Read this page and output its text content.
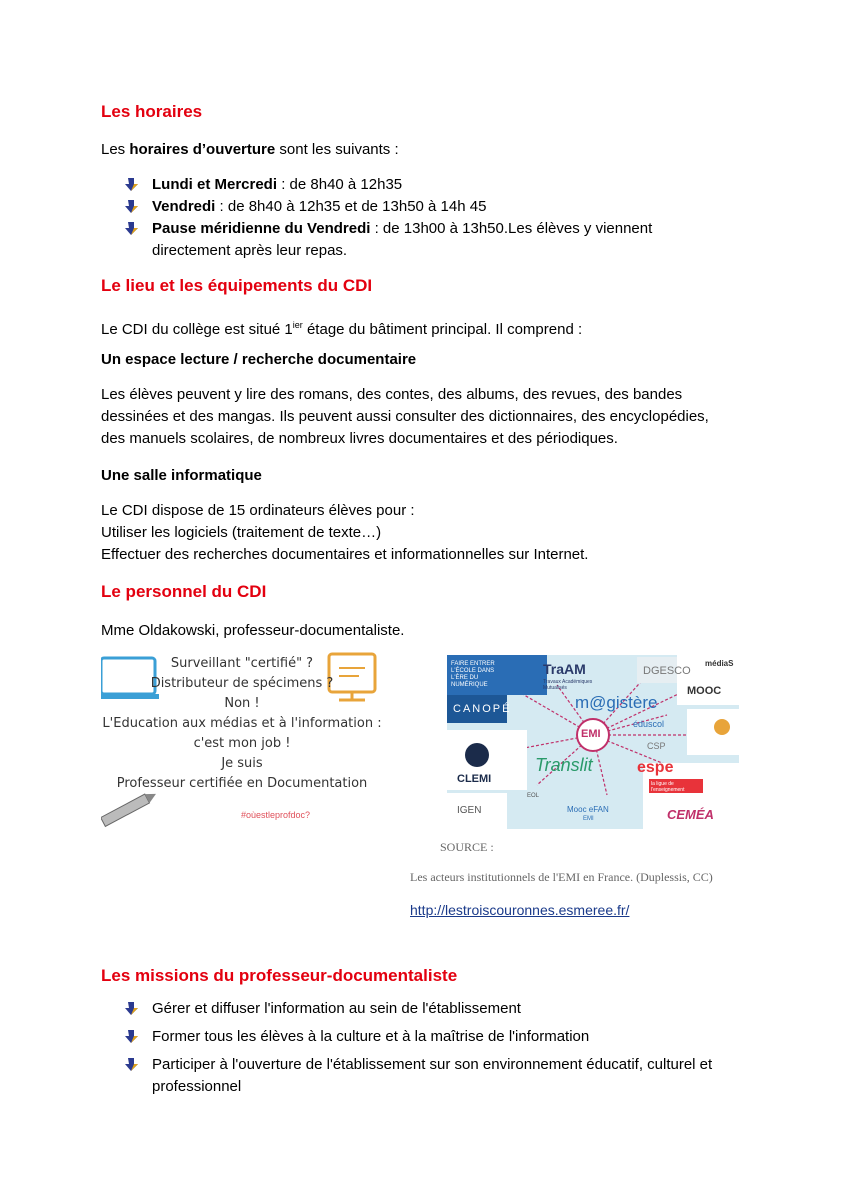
Les horaires
Les horaires d’ouverture sont les suivants :
Lundi et Mercredi : de 8h40 à 12h35
Vendredi : de 8h40 à 12h35 et de 13h50 à 14h 45
Pause méridienne du Vendredi : de 13h00 à 13h50.Les élèves y viennent directement après leur repas.
Le lieu et les équipements du CDI
Le CDI du collège est situé $1^{ier}$ étage du bâtiment principal. Il comprend :
Un espace lecture / recherche documentaire
Les élèves peuvent y lire des romans, des contes, des albums, des revues, des bandes
dessinées et des mangas. Ils peuvent aussi consulter des dictionnaires, des encyclopédies,
des manuels scolaires, de nombreux livres documentaires et des périodiques.
Une salle informatique
Le CDI dispose de 15 ordinateurs élèves pour :
Utiliser les logiciels (traitement de texte…)
Effectuer des recherches documentaires et informationnelles sur Internet.
Le personnel du CDI
Mme Oldakowski, professeur-documentaliste.
Surveillant "certifié" ?
Distributeur de spécimens ?
Non !
L'Education aux médias et à l'information :
c'est mon job !
Je suis
Professeur certifiée en Documentation
#oùestleprofdoc?
EMI
FAIRE ENTRER L'ÉCOLE DANS L'ÈRE DU NUMÉRIQUE
TraAM
Travaux Académiques Mutualisés
DGESCO
médiaS
MOOC
CANOPÉ	m@gistère
éduscol
CLEMI
Translit	espe
CSP
IGEN
EOL
Mooc eFAN
EMI
la ligue de l'enseignement
CEMÉA
SOURCE :
Les acteurs institutionnels de l'EMI en France. (Duplessis, CC)
http://lestroiscouronnes.esmeree.fr/
Les missions du professeur-documentaliste
Gérer et diffuser l'information au sein de l'établissement
Former tous les élèves à la culture et à la maîtrise de l'information
Participer à l'ouverture de l'établissement sur son environnement éducatif, culturel et professionnel
